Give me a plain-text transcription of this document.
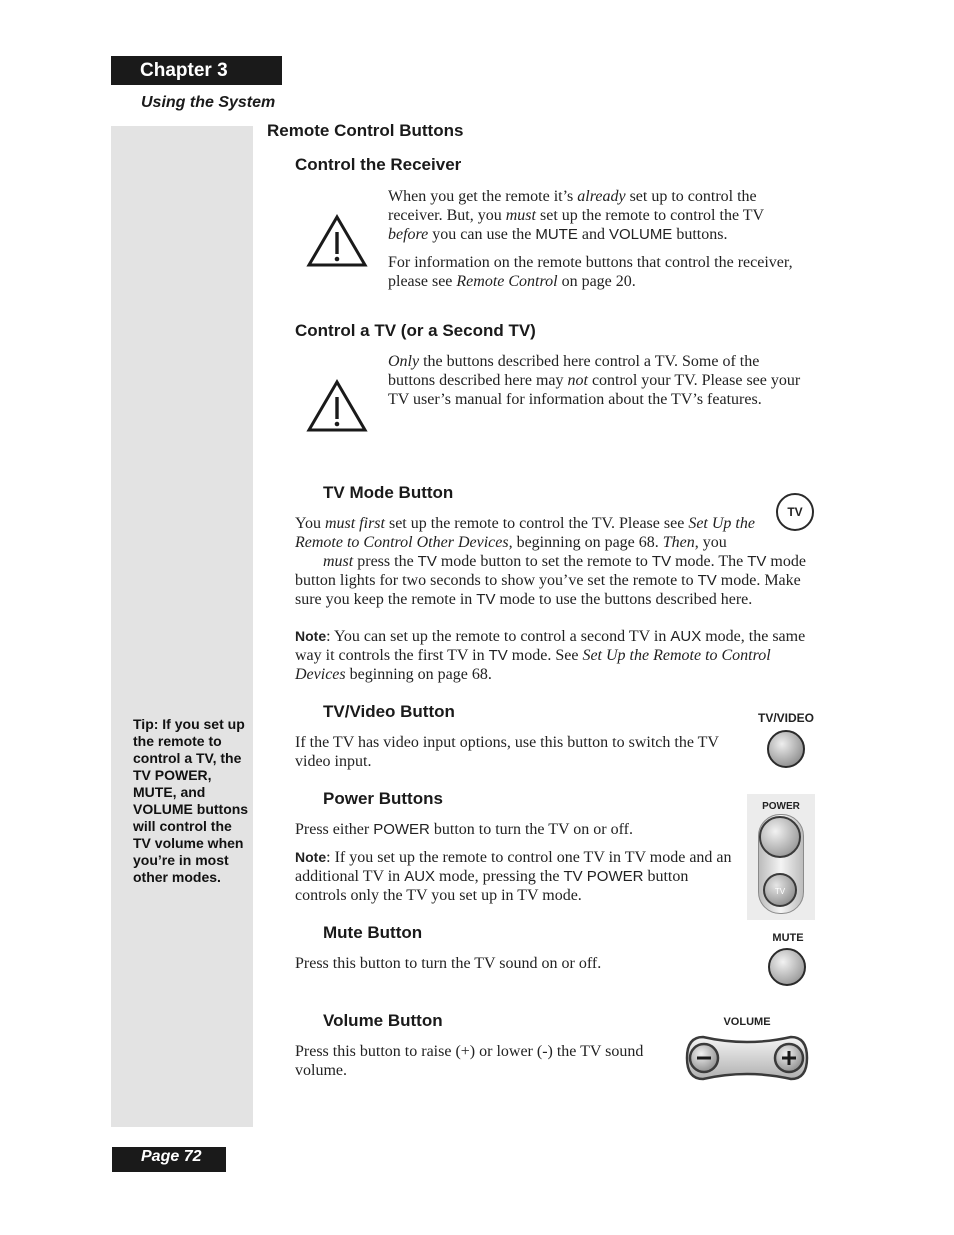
Chapter 3
Using the System
Tip: If you set up the remote to control a TV, the TV POWER, MUTE, and VOLUME buttons will control the TV volume when you’re in most other modes.
Remote Control Buttons
Control the Receiver

When you get the remote it’s already set up to control the receiver. But, you must set up the remote to control the TV before you can use the MUTE and VOLUME buttons.

For information on the remote buttons that control the receiver, please see Remote Control on page 20.

Control a TV (or a Second TV)

Only the buttons described here control a TV. Some of the buttons described here may not control your TV. Please see your TV user’s manual for information about the TV’s features.

TV Mode Button
TV
You must first set up the remote to control the TV. Please see Set Up the Remote to Control Other Devices, beginning on page 68. Then, you
must press the TV mode button to set the remote to TV mode. The TV mode button lights for two seconds to show you’ve set the remote to TV mode. Make sure you keep the remote in TV mode to use the buttons described here.
Note: You can set up the remote to control a second TV in AUX mode, the same way it controls the first TV in TV mode. See Set Up the Remote to Control Devices beginning on page 68.
TV/Video Button	TV/VIDEO
If the TV has video input options, use this button to switch the TV video input.
Power Buttons	POWER
TV
Press either POWER button to turn the TV on or off.
Note: If you set up the remote to control one TV in TV mode and an additional TV in AUX mode, pressing the TV POWER button controls only the TV you set up in TV mode.
Mute Button	MUTE
Press this button to turn the TV sound on or off.
Volume Button	VOLUME
Press this button to raise (+) or lower (-) the TV sound volume.
Page 72
